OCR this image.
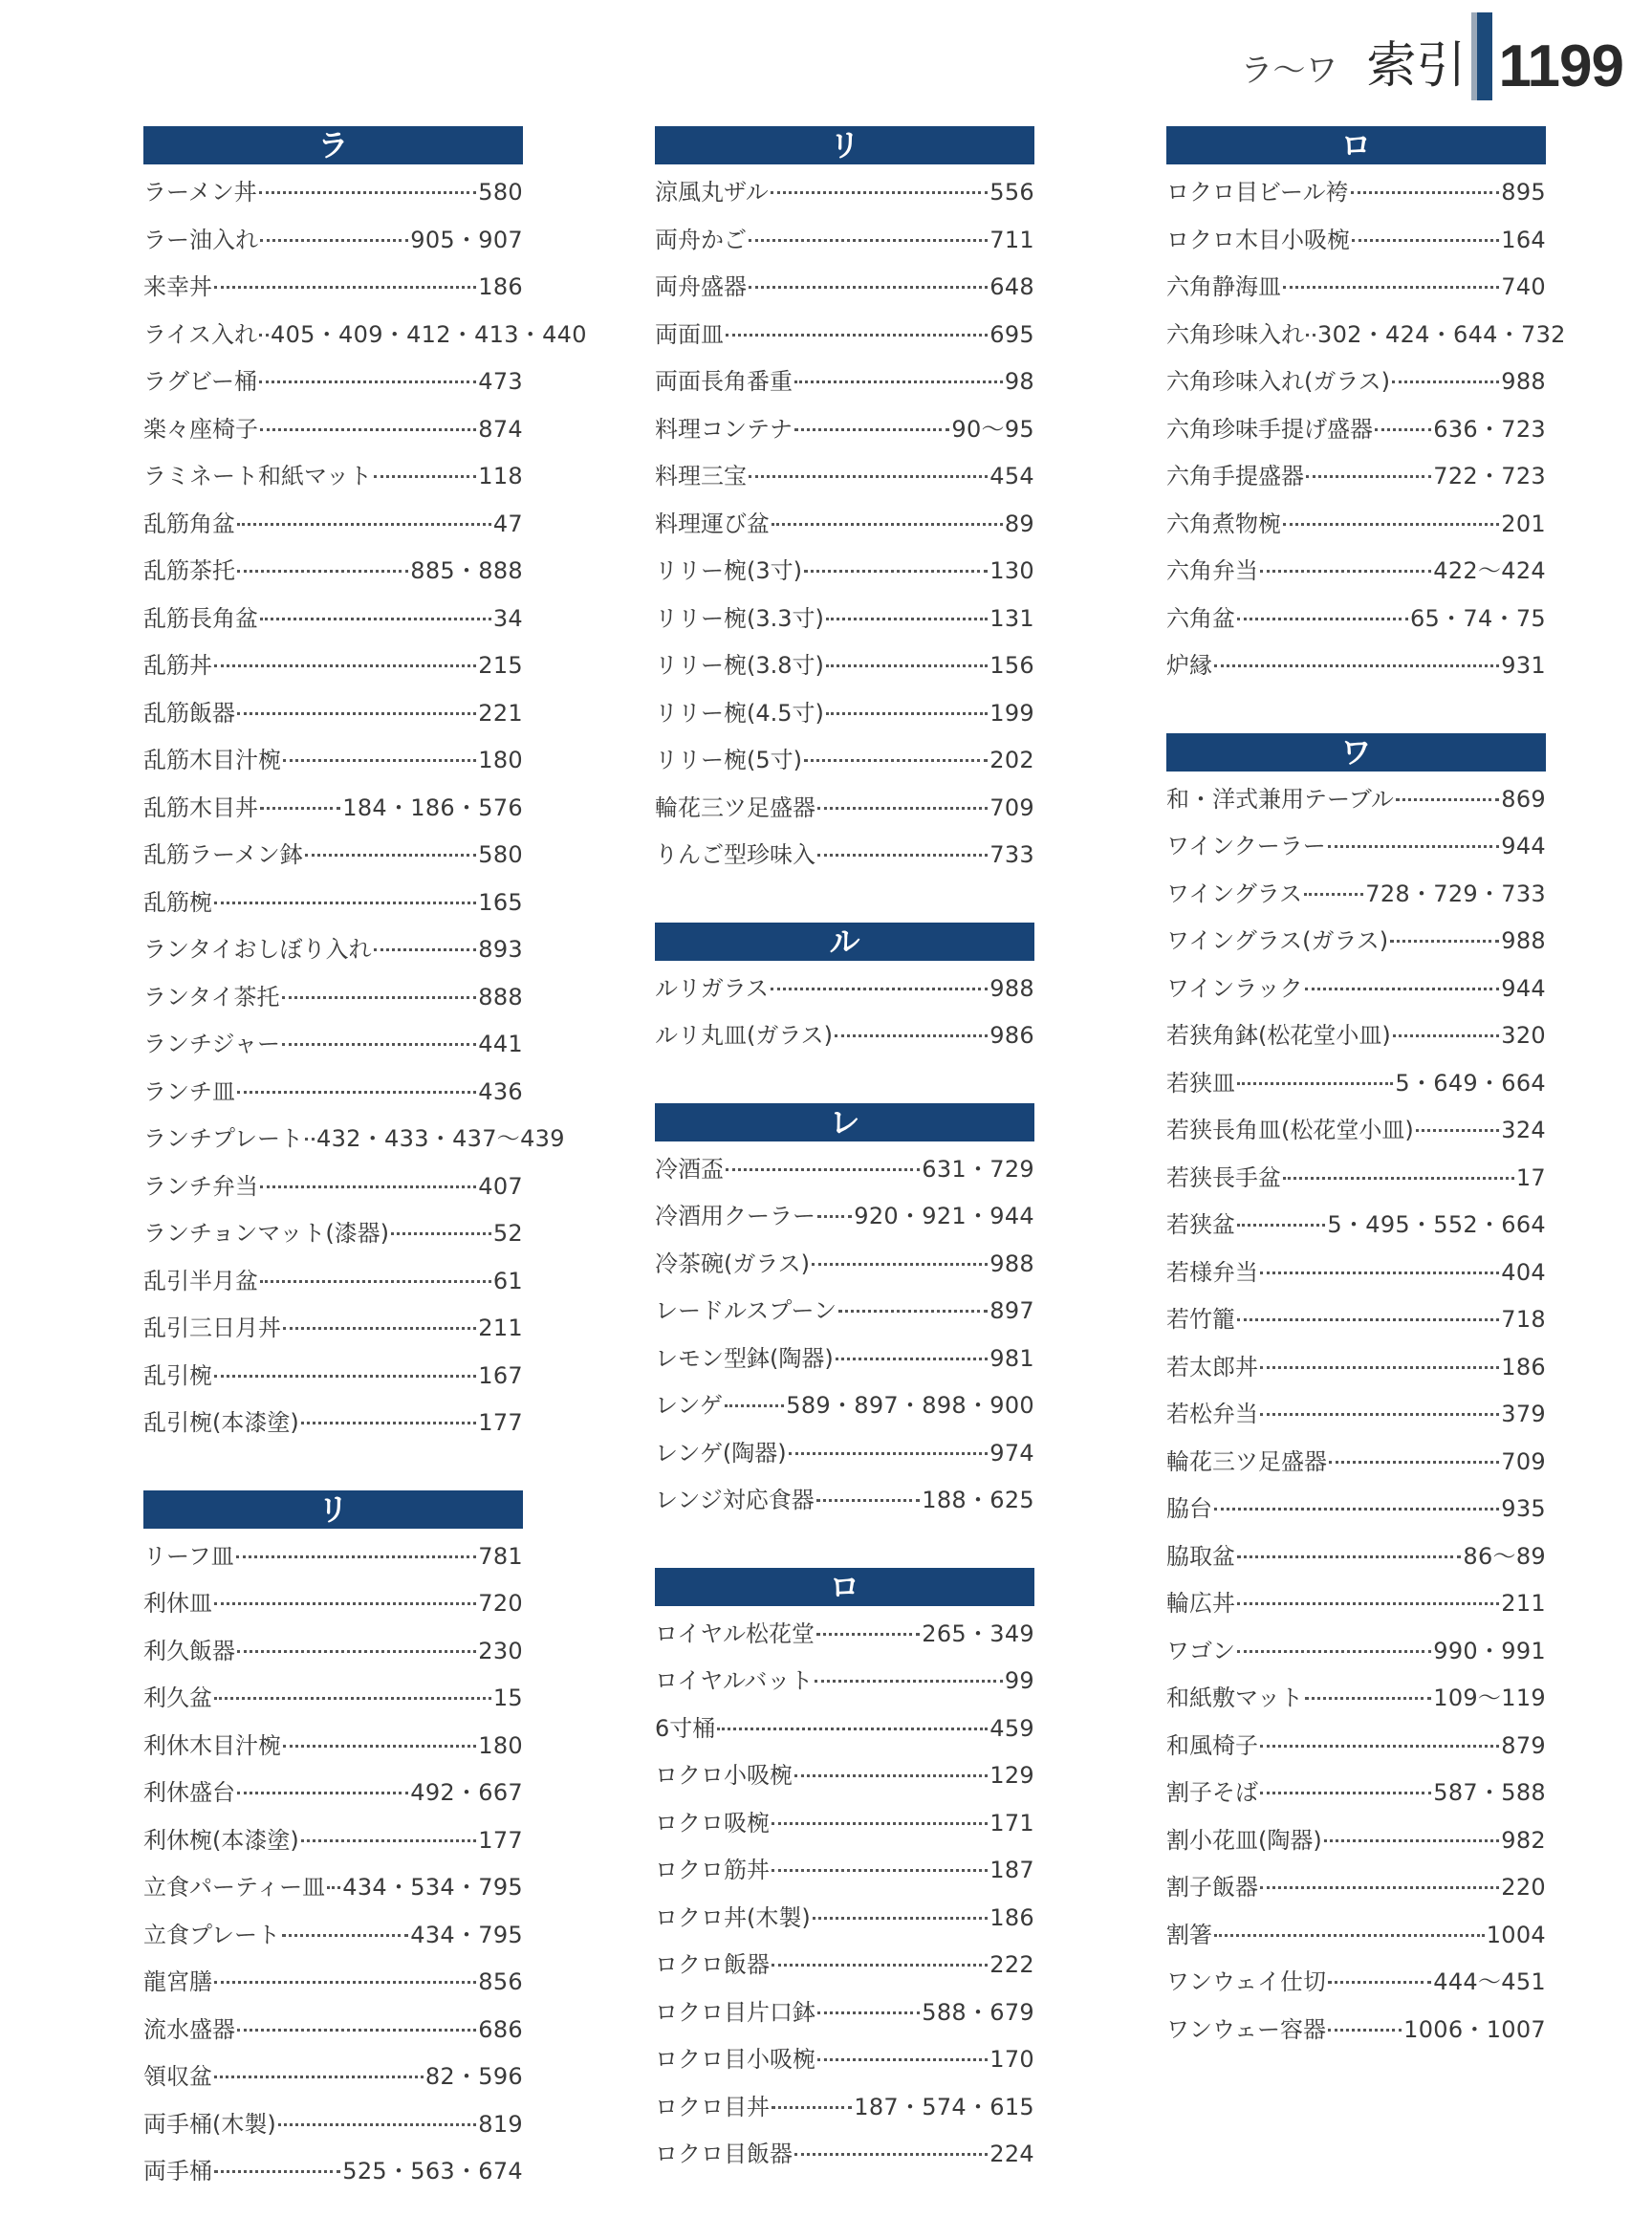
ラ〜ワ 索引 1199
ラ
ラーメン丼	580
ラー油入れ	905・907
来幸丼	186
ライス入れ 405・409・412・413・440
ラグビー桶	473
楽々座椅子	874
ラミネート和紙マット	118
乱筋角盆	47
乱筋茶托	885・888
乱筋長角盆	34
乱筋丼	215
乱筋飯器	221
乱筋木目汁椀	180
乱筋木目丼	184・186・576
乱筋ラーメン鉢	580
乱筋椀	165
ランタイおしぼり入れ	893
ランタイ茶托	888
ランチジャー	441
ランチ皿	436
ランチプレート 432・433・437〜439
ランチ弁当	407
ランチョンマット(漆器)	52
乱引半月盆	61
乱引三日月丼	211
乱引椀	167
乱引椀(本漆塗)	177
リ
リーフ皿	781
利休皿	720
利久飯器	230
利久盆	15
利休木目汁椀	180
利休盛台	492・667
利休椀(本漆塗)	177
立食パーティー皿 434・534・795
立食プレート	434・795
龍宮膳	856
流水盛器	686
領収盆	82・596
両手桶(木製)	819
両手桶	525・563・674
リ
涼風丸ザル	556
両舟かご	711
両舟盛器	648
両面皿	695
両面長角番重	98
料理コンテナ	90〜95
料理三宝	454
料理運び盆	89
リリー椀(3寸)	130
リリー椀(3.3寸)	131
リリー椀(3.8寸)	156
リリー椀(4.5寸)	199
リリー椀(5寸)	202
輪花三ツ足盛器	709
りんご型珍味入	733
ル
ルリガラス	988
ルリ丸皿(ガラス)	986
レ
冷酒盃	631・729
冷酒用クーラー 920・921・944
冷茶碗(ガラス)	988
レードルスプーン	897
レモン型鉢(陶器)	981
レンゲ	589・897・898・900
レンゲ(陶器)	974
レンジ対応食器	188・625
ロ
ロイヤル松花堂	265・349
ロイヤルバット	99
6寸桶	459
ロクロ小吸椀	129
ロクロ吸椀	171
ロクロ筋丼	187
ロクロ丼(木製)	186
ロクロ飯器	222
ロクロ目片口鉢	588・679
ロクロ目小吸椀	170
ロクロ目丼	187・574・615
ロクロ目飯器	224
ロ
ロクロ目ビール袴	895
ロクロ木目小吸椀	164
六角静海皿	740
六角珍味入れ 302・424・644・732
六角珍味入れ(ガラス)	988
六角珍味手提げ盛器	636・723
六角手提盛器	722・723
六角煮物椀	201
六角弁当	422〜424
六角盆	65・74・75
炉縁	931
ワ
和・洋式兼用テーブル	869
ワインクーラー	944
ワイングラス	728・729・733
ワイングラス(ガラス)	988
ワインラック	944
若狭角鉢(松花堂小皿)	320
若狭皿	5・649・664
若狭長角皿(松花堂小皿)	324
若狭長手盆	17
若狭盆	5・495・552・664
若様弁当	404
若竹籠	718
若太郎丼	186
若松弁当	379
輪花三ツ足盛器	709
脇台	935
脇取盆	86〜89
輪広丼	211
ワゴン	990・991
和紙敷マット	109〜119
和風椅子	879
割子そば	587・588
割小花皿(陶器)	982
割子飯器	220
割箸	1004
ワンウェイ仕切	444〜451
ワンウェー容器	1006・1007
